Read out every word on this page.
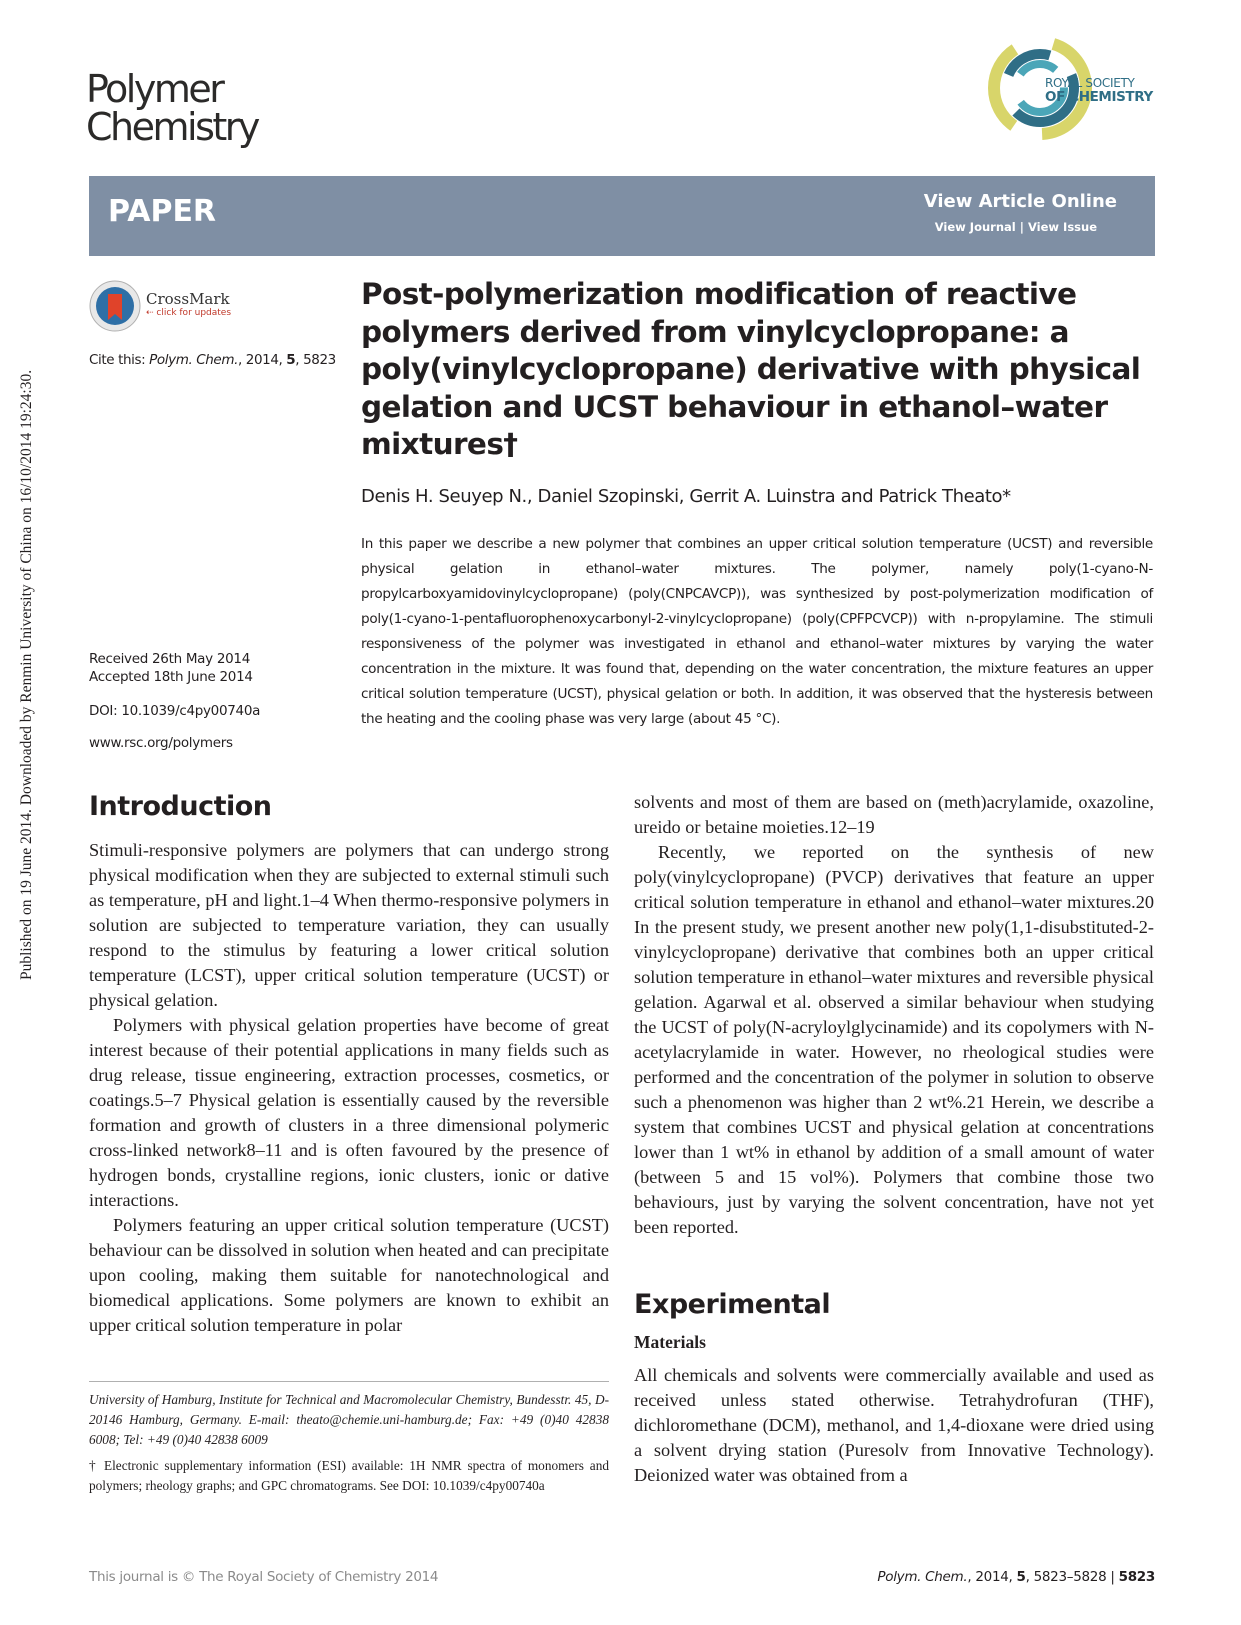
Published on 19 June 2014. Downloaded by Renmin University of China on 16/10/2014 19:24:30.
Polymer
Chemistry
ROYAL SOCIETY
OF CHEMISTRY
PAPER	View Article Online
View Journal | View Issue
CrossMark
⇠ click for updates
Cite this: Polym. Chem., 2014, 5, 5823
Received 26th May 2014
Accepted 18th June 2014
DOI: 10.1039/c4py00740a
www.rsc.org/polymers
Post-polymerization modification of reactive polymers derived from vinylcyclopropane: a poly(vinylcyclopropane) derivative with physical gelation and UCST behaviour in ethanol–water mixtures†
Denis H. Seuyep N., Daniel Szopinski, Gerrit A. Luinstra and Patrick Theato*
In this paper we describe a new polymer that combines an upper critical solution temperature (UCST) and reversible physical gelation in ethanol–water mixtures. The polymer, namely poly(1-cyano-N-propylcarboxyamidovinylcyclopropane) (poly(CNPCAVCP)), was synthesized by post-polymerization modification of poly(1-cyano-1-pentafluorophenoxycarbonyl-2-vinylcyclopropane) (poly(CPFPCVCP)) with n-propylamine. The stimuli responsiveness of the polymer was investigated in ethanol and ethanol–water mixtures by varying the water concentration in the mixture. It was found that, depending on the water concentration, the mixture features an upper critical solution temperature (UCST), physical gelation or both. In addition, it was observed that the hysteresis between the heating and the cooling phase was very large (about 45 °C).
Introduction

Stimuli-responsive polymers are polymers that can undergo strong physical modification when they are subjected to external stimuli such as temperature, pH and light.1–4 When thermo-responsive polymers in solution are subjected to temperature variation, they can usually respond to the stimulus by featuring a lower critical solution temperature (LCST), upper critical solution temperature (UCST) or physical gelation.

Polymers with physical gelation properties have become of great interest because of their potential applications in many fields such as drug release, tissue engineering, extraction processes, cosmetics, or coatings.5–7 Physical gelation is essentially caused by the reversible formation and growth of clusters in a three dimensional polymeric cross-linked network8–11 and is often favoured by the presence of hydrogen bonds, crystalline regions, ionic clusters, ionic or dative interactions.

Polymers featuring an upper critical solution temperature (UCST) behaviour can be dissolved in solution when heated and can precipitate upon cooling, making them suitable for nanotechnological and biomedical applications. Some polymers are known to exhibit an upper critical solution temperature in polar

solvents and most of them are based on (meth)acrylamide, oxazoline, ureido or betaine moieties.12–19

Recently, we reported on the synthesis of new poly(vinylcyclopropane) (PVCP) derivatives that feature an upper critical solution temperature in ethanol and ethanol–water mixtures.20 In the present study, we present another new poly(1,1-disubstituted-2-vinylcyclopropane) derivative that combines both an upper critical solution temperature in ethanol–water mixtures and reversible physical gelation. Agarwal et al. observed a similar behaviour when studying the UCST of poly(N-acryloylglycinamide) and its copolymers with N-acetylacrylamide in water. However, no rheological studies were performed and the concentration of the polymer in solution to observe such a phenomenon was higher than 2 wt%.21 Herein, we describe a system that combines UCST and physical gelation at concentrations lower than 1 wt% in ethanol by addition of a small amount of water (between 5 and 15 vol%). Polymers that combine those two behaviours, just by varying the solvent concentration, have not yet been reported.

Experimental
Materials

All chemicals and solvents were commercially available and used as received unless stated otherwise. Tetrahydrofuran (THF), dichloromethane (DCM), methanol, and 1,4-dioxane were dried using a solvent drying station (Puresolv from Innovative Technology). Deionized water was obtained from a

University of Hamburg, Institute for Technical and Macromolecular Chemistry, Bundesstr. 45, D-20146 Hamburg, Germany. E-mail: theato@chemie.uni-hamburg.de; Fax: +49 (0)40 42838 6008; Tel: +49 (0)40 42838 6009

† Electronic supplementary information (ESI) available: 1H NMR spectra of monomers and polymers; rheology graphs; and GPC chromatograms. See DOI: 10.1039/c4py00740a

This journal is © The Royal Society of Chemistry 2014	Polym. Chem., 2014, 5, 5823–5828 | 5823
